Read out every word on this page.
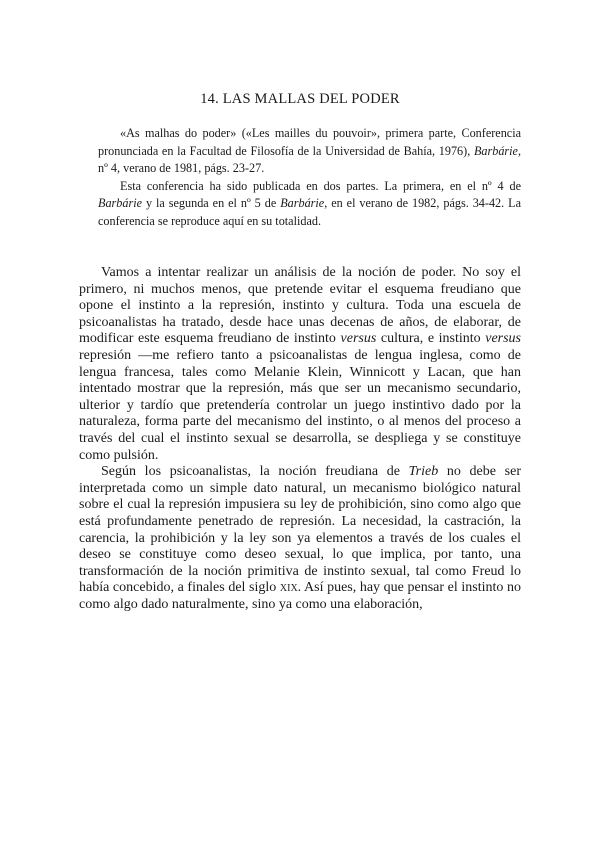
14. LAS MALLAS DEL PODER

«As malhas do poder» («Les mailles du pouvoir», primera parte, Conferencia pronunciada en la Facultad de Filosofía de la Universidad de Bahía, 1976), Barbárie, nº 4, verano de 1981, págs. 23-27.

Esta conferencia ha sido publicada en dos partes. La primera, en el nº 4 de Barbárie y la segunda en el nº 5 de Barbárie, en el verano de 1982, págs. 34-42. La conferencia se reproduce aquí en su totalidad.

Vamos a intentar realizar un análisis de la noción de poder. No soy el primero, ni muchos menos, que pretende evitar el esquema freudiano que opone el instinto a la represión, instinto y cultura. Toda una escuela de psicoanalistas ha tratado, desde hace unas decenas de años, de elaborar, de modificar este esquema freudiano de instinto versus cultura, e instinto versus represión —me refiero tanto a psicoanalistas de lengua inglesa, como de lengua francesa, tales como Melanie Klein, Winnicott y Lacan, que han intentado mostrar que la represión, más que ser un mecanismo secundario, ulterior y tardío que pretendería controlar un juego instintivo dado por la naturaleza, forma parte del mecanismo del instinto, o al menos del proceso a través del cual el instinto sexual se desarrolla, se despliega y se constituye como pulsión.

Según los psicoanalistas, la noción freudiana de Trieb no debe ser interpretada como un simple dato natural, un mecanismo biológico natural sobre el cual la represión impusiera su ley de prohibición, sino como algo que está profundamente penetrado de represión. La necesidad, la castración, la carencia, la prohibición y la ley son ya elementos a través de los cuales el deseo se constituye como deseo sexual, lo que implica, por tanto, una transformación de la noción primitiva de instinto sexual, tal como Freud lo había concebido, a finales del siglo xix. Así pues, hay que pensar el instinto no como algo dado naturalmente, sino ya como una elaboración,
